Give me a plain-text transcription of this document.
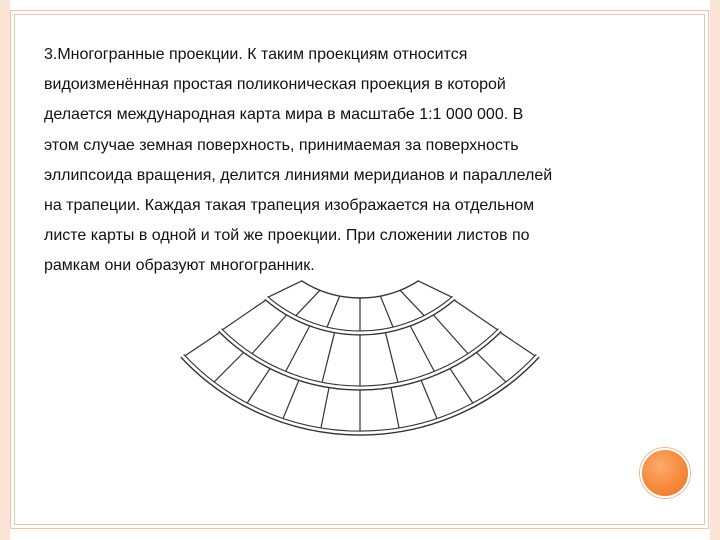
3.Многогранные проекции. К таким проекциям относится
видоизменённая простая поликоническая проекция в которой
делается международная карта мира в масштабе 1:1 000 000. В
этом случае земная поверхность, принимаемая за поверхность
эллипсоида вращения, делится линиями меридианов и параллелей
на трапеции. Каждая такая трапеция изображается на отдельном
листе карты в одной и той же проекции. При сложении листов по
рамкам они образуют многогранник.
